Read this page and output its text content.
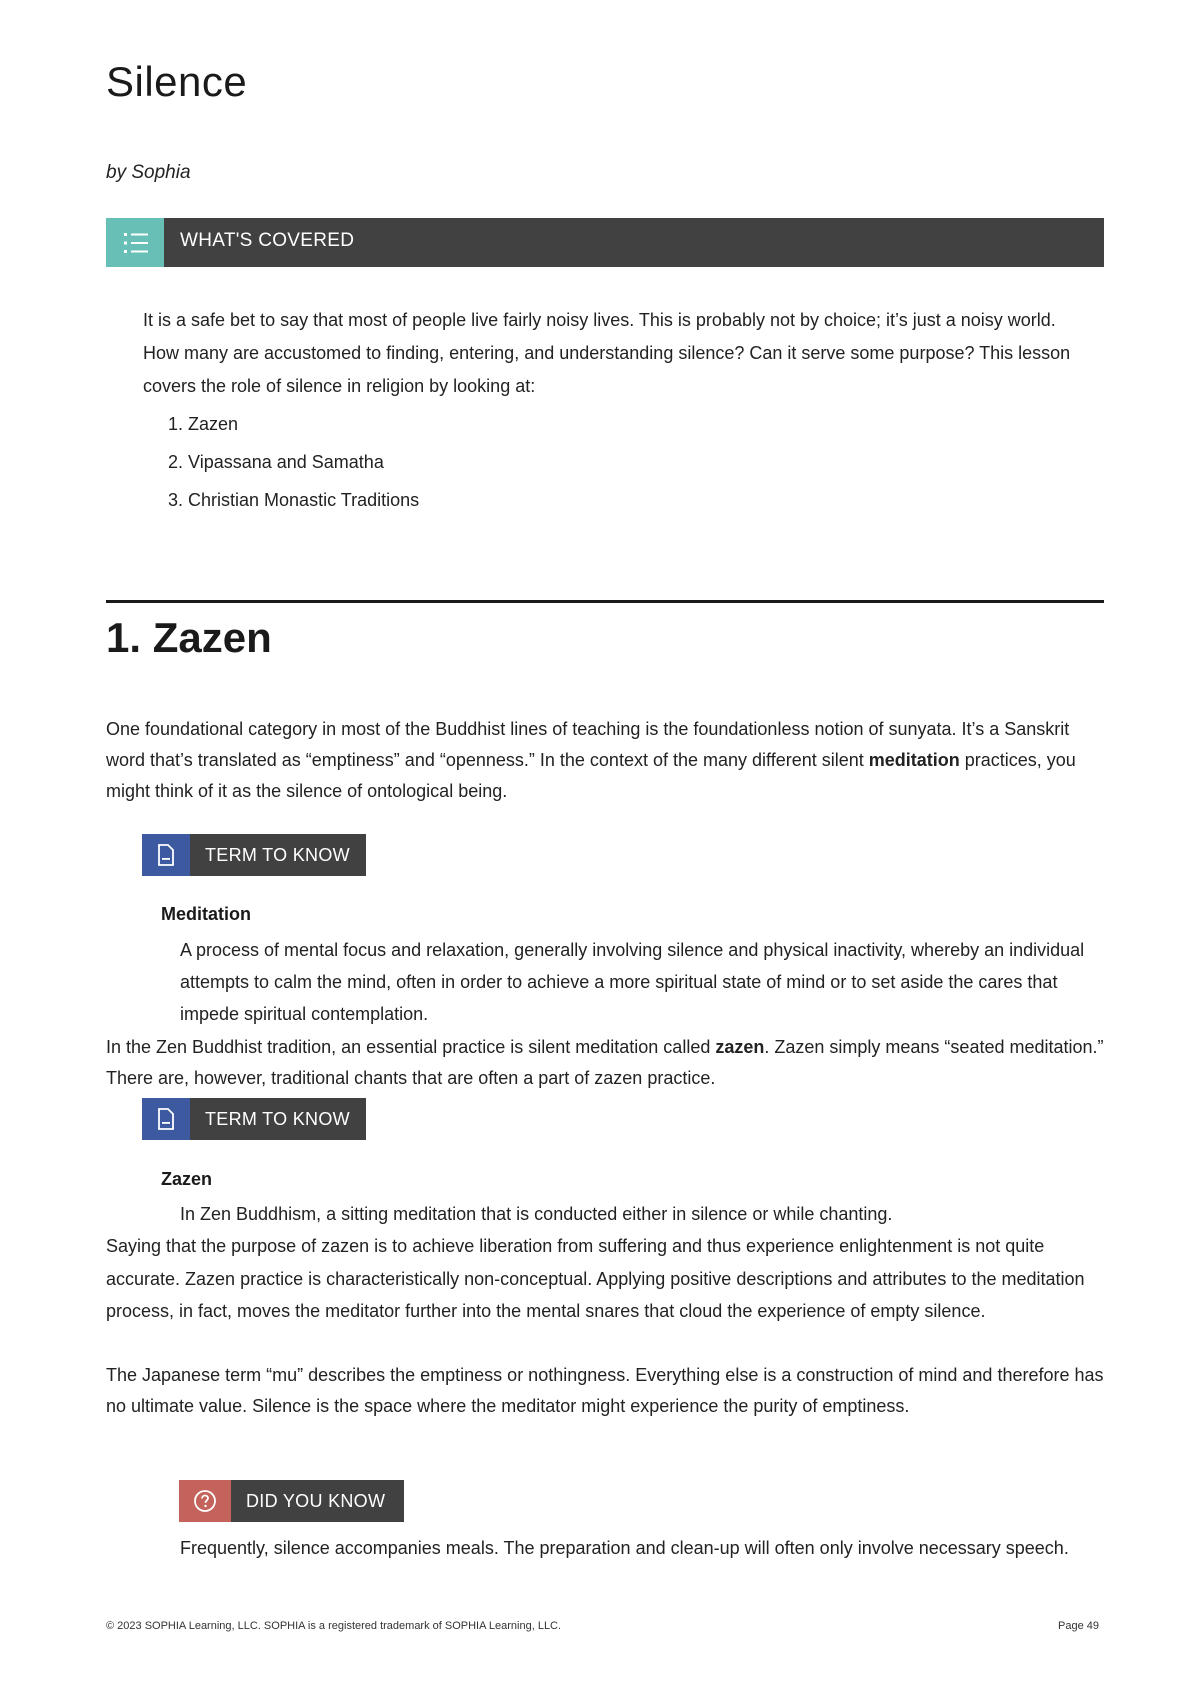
Silence
by Sophia
WHAT'S COVERED

It is a safe bet to say that most of people live fairly noisy lives. This is probably not by choice; it’s just a noisy world. How many are accustomed to finding, entering, and understanding silence? Can it serve some purpose? This lesson covers the role of silence in religion by looking at:

1. Zazen
2. Vipassana and Samatha
3. Christian Monastic Traditions
1. Zazen

One foundational category in most of the Buddhist lines of teaching is the foundationless notion of sunyata. It’s a Sanskrit word that’s translated as “emptiness” and “openness.” In the context of the many different silent meditation practices, you might think of it as the silence of ontological being.

TERM TO KNOW
Meditation

A process of mental focus and relaxation, generally involving silence and physical inactivity, whereby an individual attempts to calm the mind, often in order to achieve a more spiritual state of mind or to set aside the cares that impede spiritual contemplation.

In the Zen Buddhist tradition, an essential practice is silent meditation called zazen. Zazen simply means “seated meditation.” There are, however, traditional chants that are often a part of zazen practice.

TERM TO KNOW
Zazen

In Zen Buddhism, a sitting meditation that is conducted either in silence or while chanting.

Saying that the purpose of zazen is to achieve liberation from suffering and thus experience enlightenment is not quite accurate. Zazen practice is characteristically non-conceptual. Applying positive descriptions and attributes to the meditation process, in fact, moves the meditator further into the mental snares that cloud the experience of empty silence.

The Japanese term “mu” describes the emptiness or nothingness. Everything else is a construction of mind and therefore has no ultimate value. Silence is the space where the meditator might experience the purity of emptiness.

DID YOU KNOW

Frequently, silence accompanies meals. The preparation and clean-up will often only involve necessary speech.

© 2023 SOPHIA Learning, LLC. SOPHIA is a registered trademark of SOPHIA Learning, LLC.	Page 49
